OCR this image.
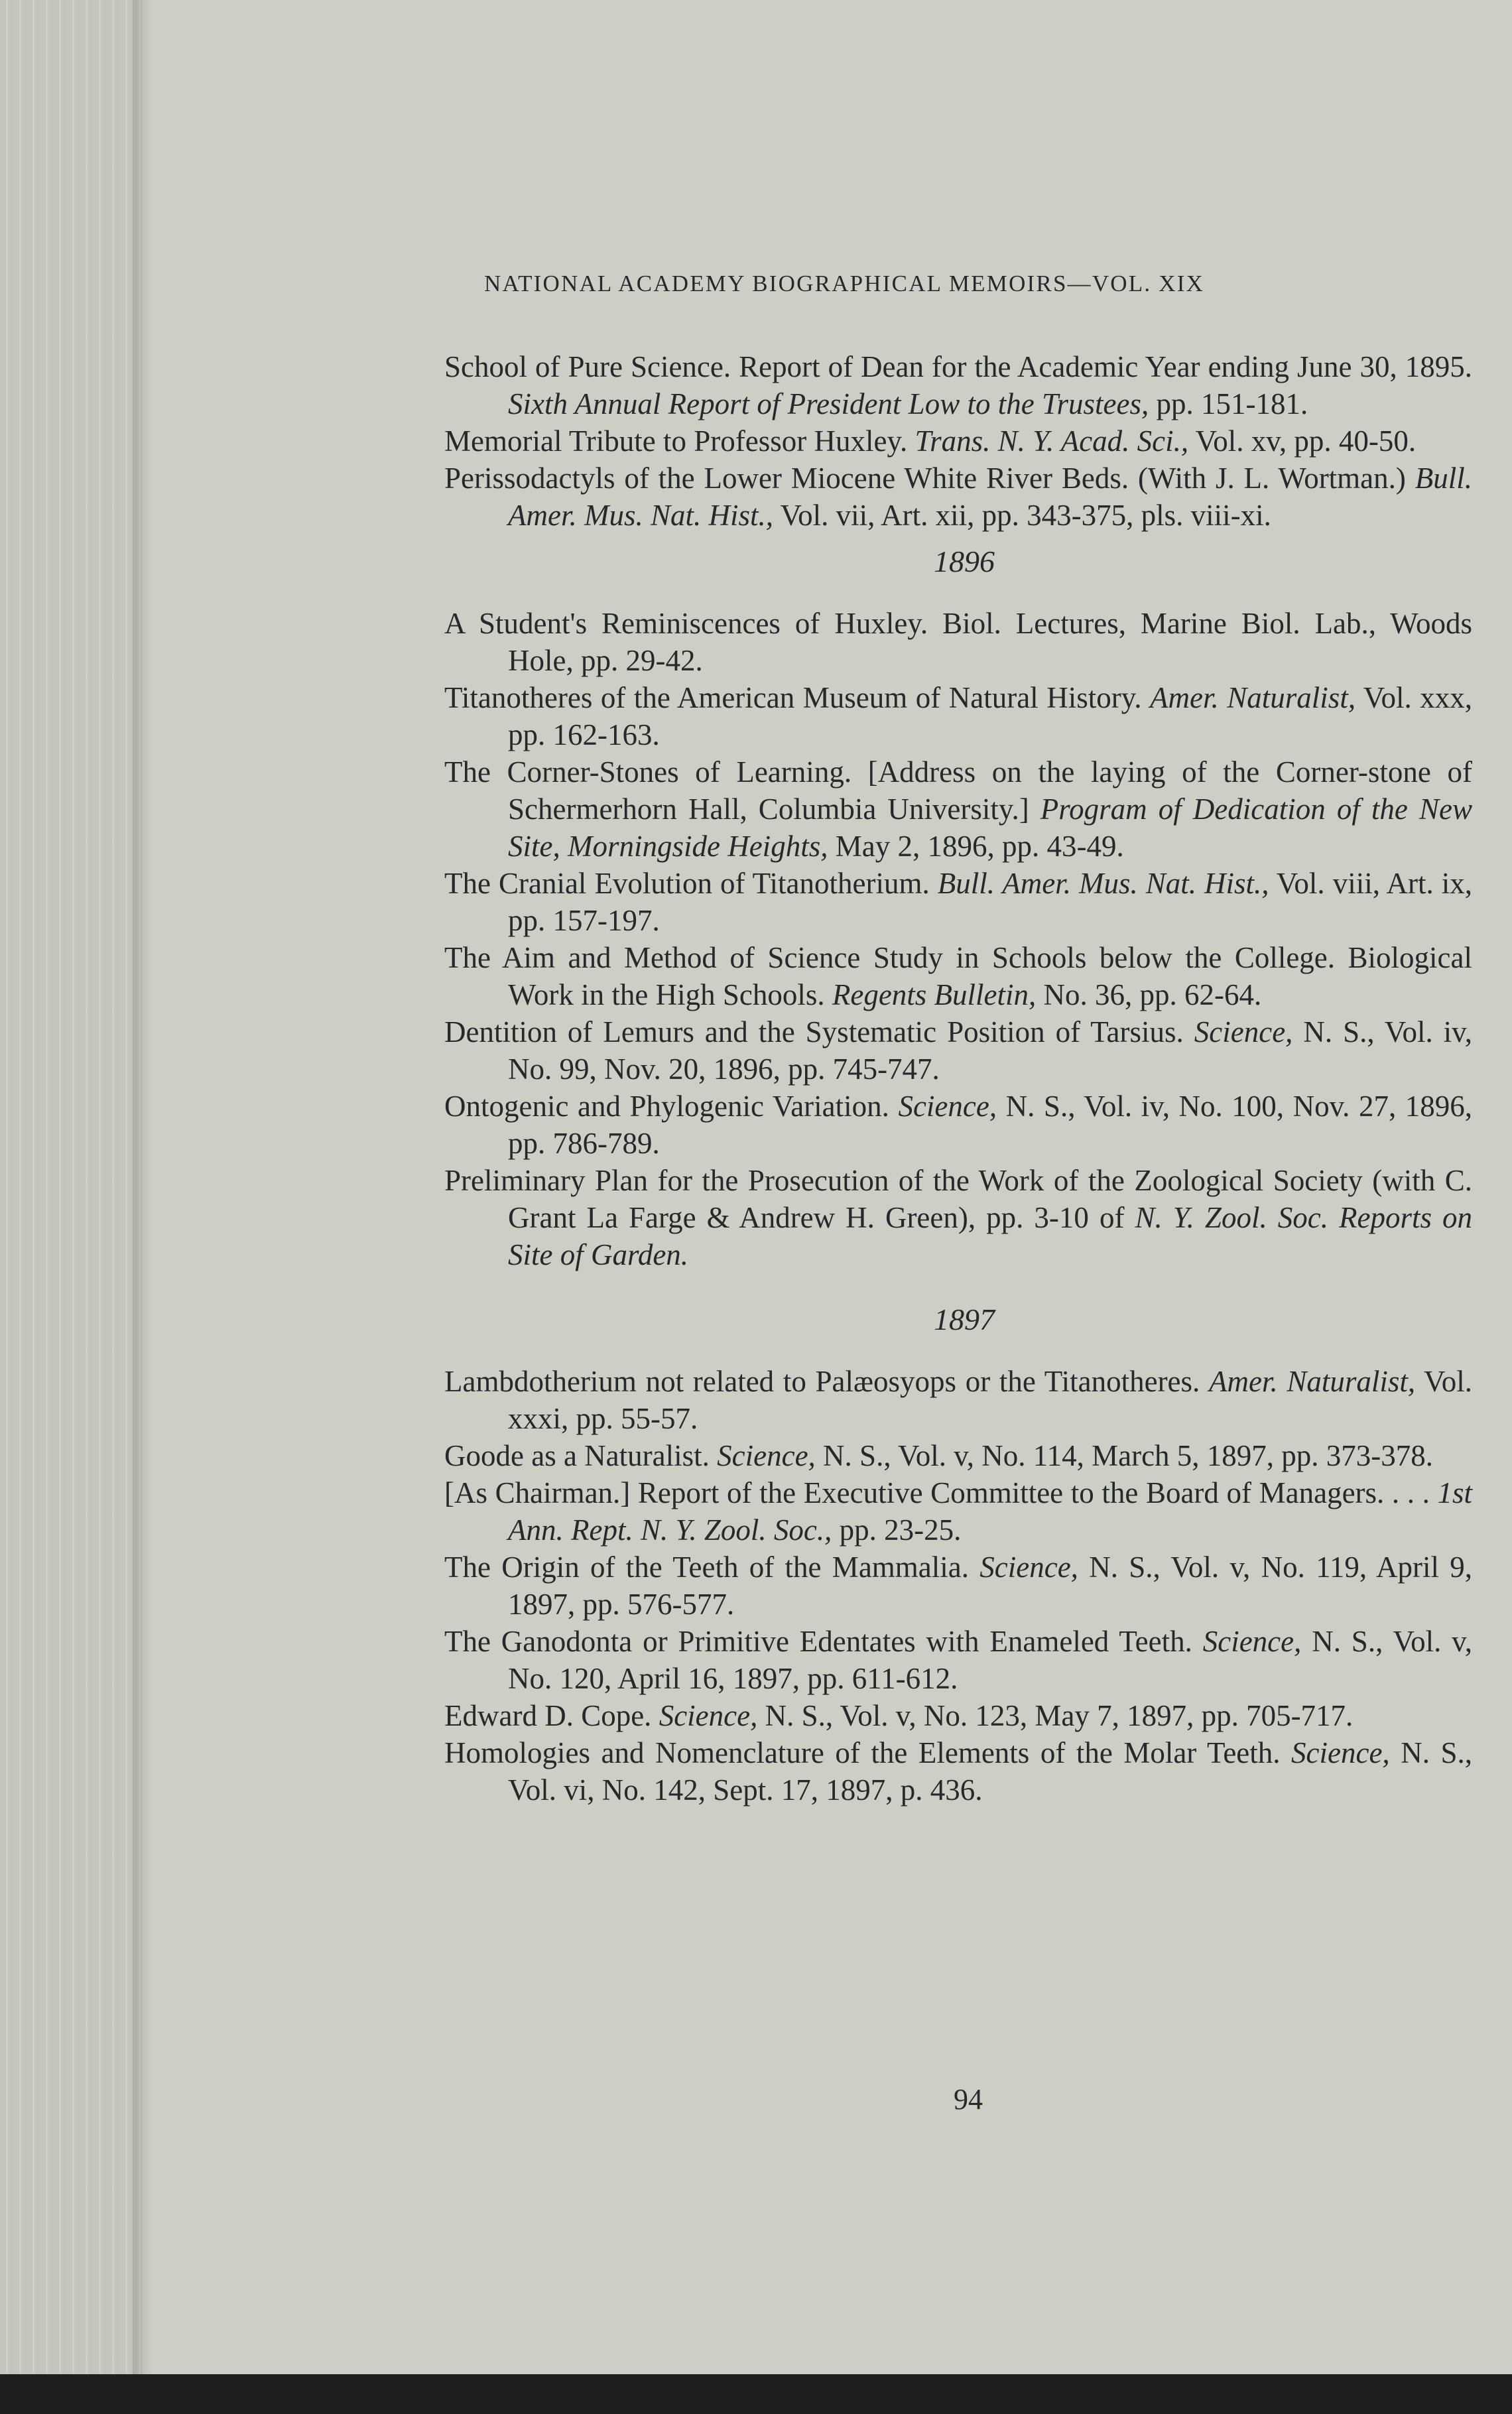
NATIONAL ACADEMY BIOGRAPHICAL MEMOIRS—VOL. XIX
School of Pure Science. Report of Dean for the Academic Year ending June 30, 1895. Sixth Annual Report of President Low to the Trustees, pp. 151-181.
Memorial Tribute to Professor Huxley. Trans. N. Y. Acad. Sci., Vol. xv, pp. 40-50.
Perissodactyls of the Lower Miocene White River Beds. (With J. L. Wortman.) Bull. Amer. Mus. Nat. Hist., Vol. vii, Art. xii, pp. 343-375, pls. viii-xi.
1896
A Student's Reminiscences of Huxley. Biol. Lectures, Marine Biol. Lab., Woods Hole, pp. 29-42.
Titanotheres of the American Museum of Natural History. Amer. Naturalist, Vol. xxx, pp. 162-163.
The Corner-Stones of Learning. [Address on the laying of the Corner-stone of Schermerhorn Hall, Columbia University.] Program of Dedication of the New Site, Morningside Heights, May 2, 1896, pp. 43-49.
The Cranial Evolution of Titanotherium. Bull. Amer. Mus. Nat. Hist., Vol. viii, Art. ix, pp. 157-197.
The Aim and Method of Science Study in Schools below the College. Biological Work in the High Schools. Regents Bulletin, No. 36, pp. 62-64.
Dentition of Lemurs and the Systematic Position of Tarsius. Science, N. S., Vol. iv, No. 99, Nov. 20, 1896, pp. 745-747.
Ontogenic and Phylogenic Variation. Science, N. S., Vol. iv, No. 100, Nov. 27, 1896, pp. 786-789.
Preliminary Plan for the Prosecution of the Work of the Zoological Society (with C. Grant La Farge & Andrew H. Green), pp. 3-10 of N. Y. Zool. Soc. Reports on Site of Garden.
1897
Lambdotherium not related to Palæosyops or the Titanotheres. Amer. Naturalist, Vol. xxxi, pp. 55-57.
Goode as a Naturalist. Science, N. S., Vol. v, No. 114, March 5, 1897, pp. 373-378.
[As Chairman.] Report of the Executive Committee to the Board of Managers. . . . 1st Ann. Rept. N. Y. Zool. Soc., pp. 23-25.
The Origin of the Teeth of the Mammalia. Science, N. S., Vol. v, No. 119, April 9, 1897, pp. 576-577.
The Ganodonta or Primitive Edentates with Enameled Teeth. Science, N. S., Vol. v, No. 120, April 16, 1897, pp. 611-612.
Edward D. Cope. Science, N. S., Vol. v, No. 123, May 7, 1897, pp. 705-717.
Homologies and Nomenclature of the Elements of the Molar Teeth. Science, N. S., Vol. vi, No. 142, Sept. 17, 1897, p. 436.
94
